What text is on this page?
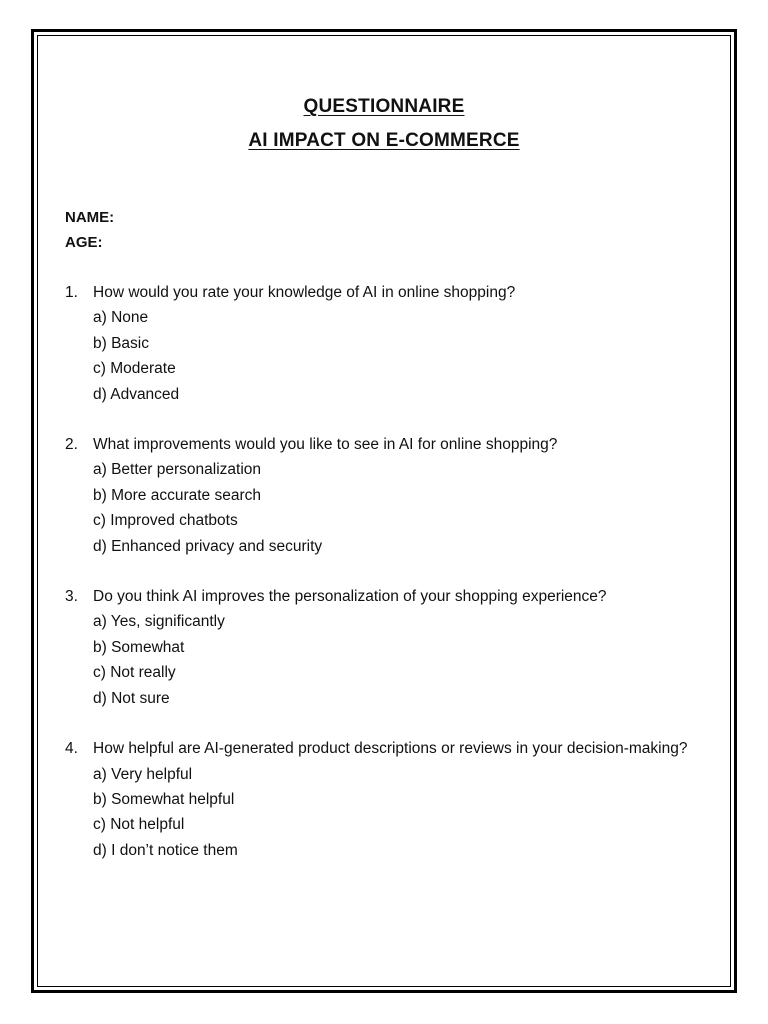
QUESTIONNAIRE
AI IMPACT ON E-COMMERCE
NAME:
AGE:
1. How would you rate your knowledge of AI in online shopping?
a) None
b) Basic
c) Moderate
d) Advanced
2. What improvements would you like to see in AI for online shopping?
a) Better personalization
b) More accurate search
c) Improved chatbots
d) Enhanced privacy and security
3. Do you think AI improves the personalization of your shopping experience?
a) Yes, significantly
b) Somewhat
c) Not really
d) Not sure
4. How helpful are AI-generated product descriptions or reviews in your decision-making?
a) Very helpful
b) Somewhat helpful
c) Not helpful
d) I don’t notice them
